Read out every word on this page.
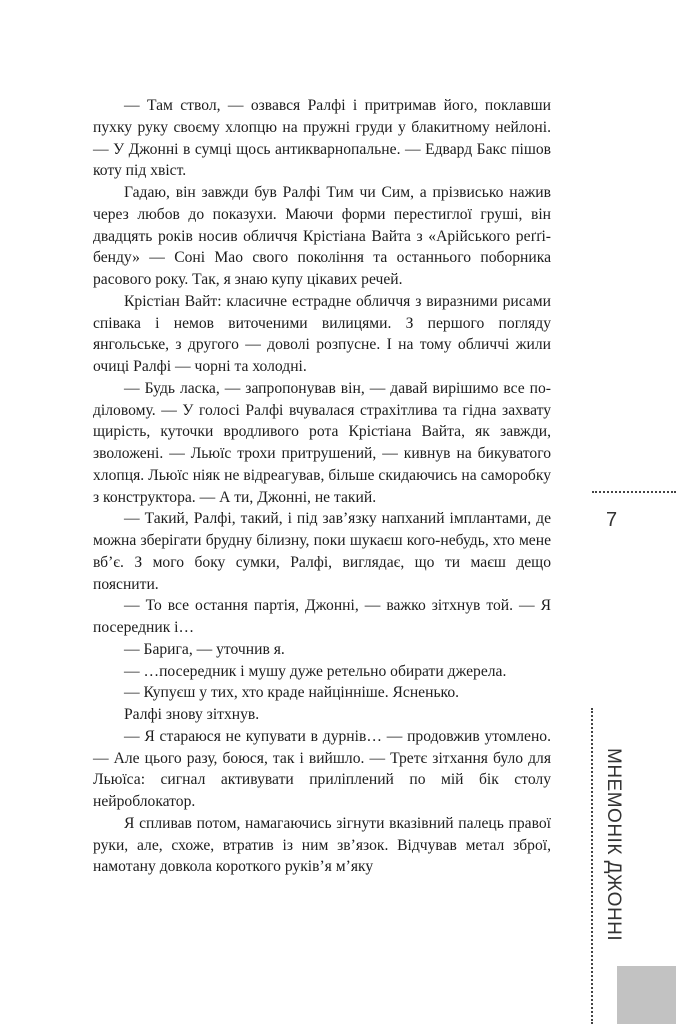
— Там ствол, — озвався Ралфі і притримав його, поклавши пухку руку своєму хлопцю на пружні груди у блакитному нейлоні. — У Джонні в сумці щось антикварнопальне. — Едвард Бакс пішов коту під хвіст.

Гадаю, він завжди був Ралфі Тим чи Сим, а прізвисько нажив через любов до показухи. Маючи форми перестиглої груші, він двадцять років носив обличчя Крістіана Вайта з «Арійського реґґі-бенду» — Соні Мао свого покоління та останнього поборника расового року. Так, я знаю купу цікавих речей.

Крістіан Вайт: класичне естрадне обличчя з виразними рисами співака і немов виточеними вилицями. З першого погляду янгольське, з другого — доволі розпусне. І на тому обличчі жили очиці Ралфі — чорні та холодні.

— Будь ласка, — запропонував він, — давай вирішимо все по-діловому. — У голосі Ралфі вчувалася страхітлива та гідна захвату щирість, куточки вродливого рота Крістіана Вайта, як завжди, зволожені. — Льюїс трохи притрушений, — кивнув на бикуватого хлопця. Льюїс ніяк не відреагував, більше скидаючись на саморобку з конструктора. — А ти, Джонні, не такий.

— Такий, Ралфі, такий, і під зав’язку напханий імплантами, де можна зберігати брудну білизну, поки шукаєш кого-небудь, хто мене вб’є. З мого боку сумки, Ралфі, виглядає, що ти маєш дещо пояснити.

— То все остання партія, Джонні, — важко зітхнув той. — Я посередник і…

— Барига, — уточнив я.

— …посередник і мушу дуже ретельно обирати джерела.

— Купуєш у тих, хто краде найцінніше. Ясненько.

Ралфі знову зітхнув.

— Я стараюся не купувати в дурнів… — продовжив утомлено. — Але цього разу, боюся, так і вийшло. — Третє зітхання було для Льюїса: сигнал активувати приліплений по мій бік столу нейроблокатор.

Я спливав потом, намагаючись зігнути вказівний палець правої руки, але, схоже, втратив із ним зв’язок. Відчував метал зброї, намотану довкола короткого руків’я м’яку

7
МНЕМОНІК ДЖОННІ
